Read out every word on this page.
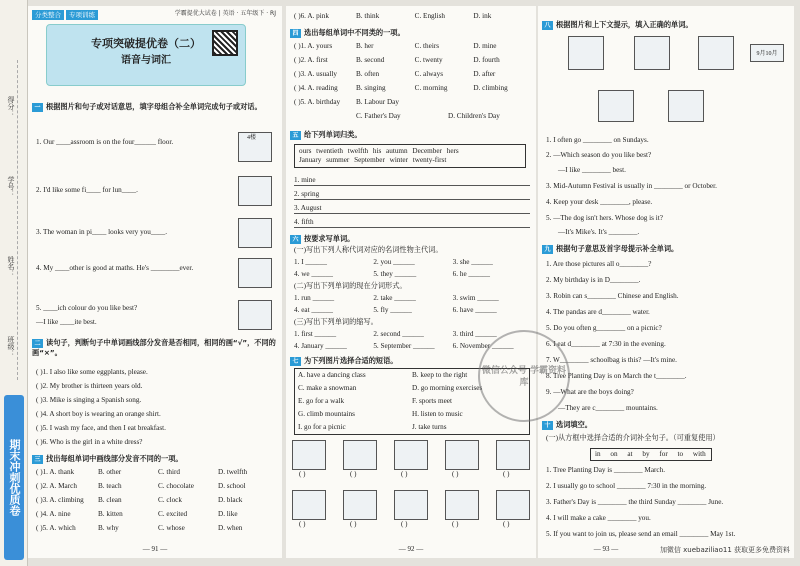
得分：
学号：
姓名：
班级：
期末冲刺优质卷
分类整合	专项训练	学霸提优大试卷 | 英语 · 五年级下 · RJ
专项突破提优卷（二）
语音与词汇
一 根据图片和句子或对话意思，填字母组合补全单词完成句子或对话。
1. Our ____assroom is on the four______ floor.	4楼
2. I'd like some fi____ for lun____.
3. The woman in pi____ looks very you____.
4. My ____other is good at maths. He's ________ever.
5. ____ich colour do you like best?
—I like ____ite best.
二 读句子，判断句子中单词画线部分发音是否相同，相同的画“√”，不同的画“×”。
( )1. I also like some eggplants, please.
( )2. My brother is thirteen years old.
( )3. Mike is singing a Spanish song.
( )4. A short boy is wearing an orange shirt.
( )5. I wash my face, and then I eat breakfast.
( )6. Who is the girl in a white dress?
三 找出每组单词中画线部分发音不同的一项。
( )1. A. thank	B. other	C. third	D. twelfth
( )2. A. March	B. teach	C. chocolate	D. school
( )3. A. climbing	B. clean	C. clock	D. black
( )4. A. nine	B. kitten	C. excited	D. like
( )5. A. which	B. why	C. whose	D. when
— 91 —
( )6. A. pink	B. think	C. English	D. ink
四 选出每组单词中不同类的一项。
( )1. A. yours	B. her	C. theirs	D. mine
( )2. A. first	B. second	C. twenty	D. fourth
( )3. A. usually	B. often	C. always	D. after
( )4. A. reading	B. singing	C. morning	D. climbing
( )5. A. birthday	B. Labour Day
C. Father's Day	D. Children's Day
五 给下列单词归类。
ours twentieth twelfth his autumn December hers
January summer September winter twenty-first
1. mine
2. spring
3. August
4. fifth
六 按要求写单词。
(一)写出下列人称代词对应的名词性物主代词。
1. I ______	2. you ______	3. she ______
4. we ______	5. they ______	6. he ______
(二)写出下列单词的现在分词形式。
1. run ______	2. take ______	3. swim ______
4. eat ______	5. fly ______	6. have ______
(三)写出下列单词的缩写。
1. first ______	2. second ______	3. third ______
4. January ______	5. September ______	6. November ______
七 为下列图片选择合适的短语。
A. have a dancing class	B. keep to the right
C. make a snowman	D. go morning exercises
E. go for a walk	F. sports meet
G. climb mountains	H. listen to music
I. go for a picnic	J. take turns
( )	( )	( )	( )	( )
( )	( )	( )	( )	( )
— 92 —
八 根据图片和上下文提示，填入正确的单词。
9月10月
1. I often go ________ on Sundays.
2. —Which season do you like best?
—I like ________ best.
3. Mid-Autumn Festival is usually in ________ or October.
4. Keep your desk ________, please.
5. —The dog isn't hers. Whose dog is it?
—It's Mike's. It's ________.
九 根据句子意思及首字母提示补全单词。
1. Are those pictures all o________?
2. My birthday is in D________.
3. Robin can s________ Chinese and English.
4. The pandas are d________ water.
5. Do you often g________ on a picnic?
6. I eat d________ at 7:30 in the evening.
7. W________ schoolbag is this? —It's mine.
8. Tree Planting Day is on March the t________.
9. —What are the boys doing?
—They are c________ mountains.
十 选词填空。
(一)从方框中选择合适的介词补全句子。（可重复使用）
in on at by for to with
1. Tree Planting Day is ________ March.
2. I usually go to school ________ 7:30 in the morning.
3. Father's Day is ________ the third Sunday ________ June.
4. I will make a cake ________ you.
5. If you want to join us, please send an email ________ May 1st.
— 93 —	加微信 xuebaziliao11 获取更多免费资料
微信公众号 学霸资料库
